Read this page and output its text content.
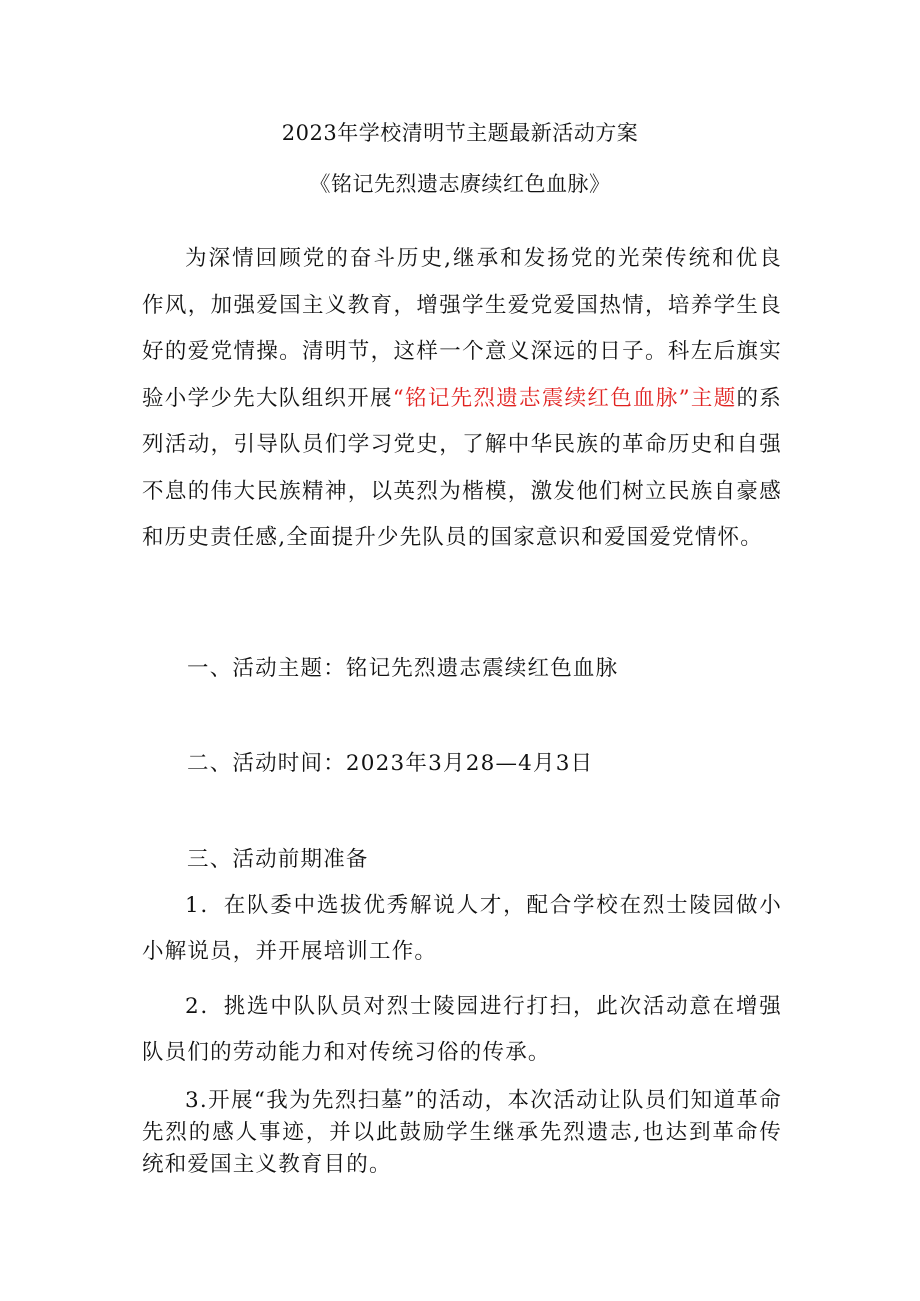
2023年学校清明节主题最新活动方案
《铭记先烈遗志赓续红色血脉》
为深情回顾党的奋斗历史,继承和发扬党的光荣传统和优良作风，加强爱国主义教育，增强学生爱党爱国热情，培养学生良好的爱党情操。清明节，这样一个意义深远的日子。科左后旗实验小学少先大队组织开展“铭记先烈遗志震续红色血脉”主题的系列活动，引导队员们学习党史，了解中华民族的革命历史和自强不息的伟大民族精神，以英烈为楷模，激发他们树立民族自豪感和历史责任感,全面提升少先队员的国家意识和爱国爱党情怀。
一、活动主题：铭记先烈遗志震续红色血脉
二、活动时间：2023年3月28—4月3日
三、活动前期准备
1．在队委中选拔优秀解说人才，配合学校在烈士陵园做小小解说员，并开展培训工作。
2．挑选中队队员对烈士陵园进行打扫，此次活动意在增强队员们的劳动能力和对传统习俗的传承。
3.开展“我为先烈扫墓”的活动，本次活动让队员们知道革命先烈的感人事迹，并以此鼓励学生继承先烈遗志,也达到革命传统和爱国主义教育目的。
